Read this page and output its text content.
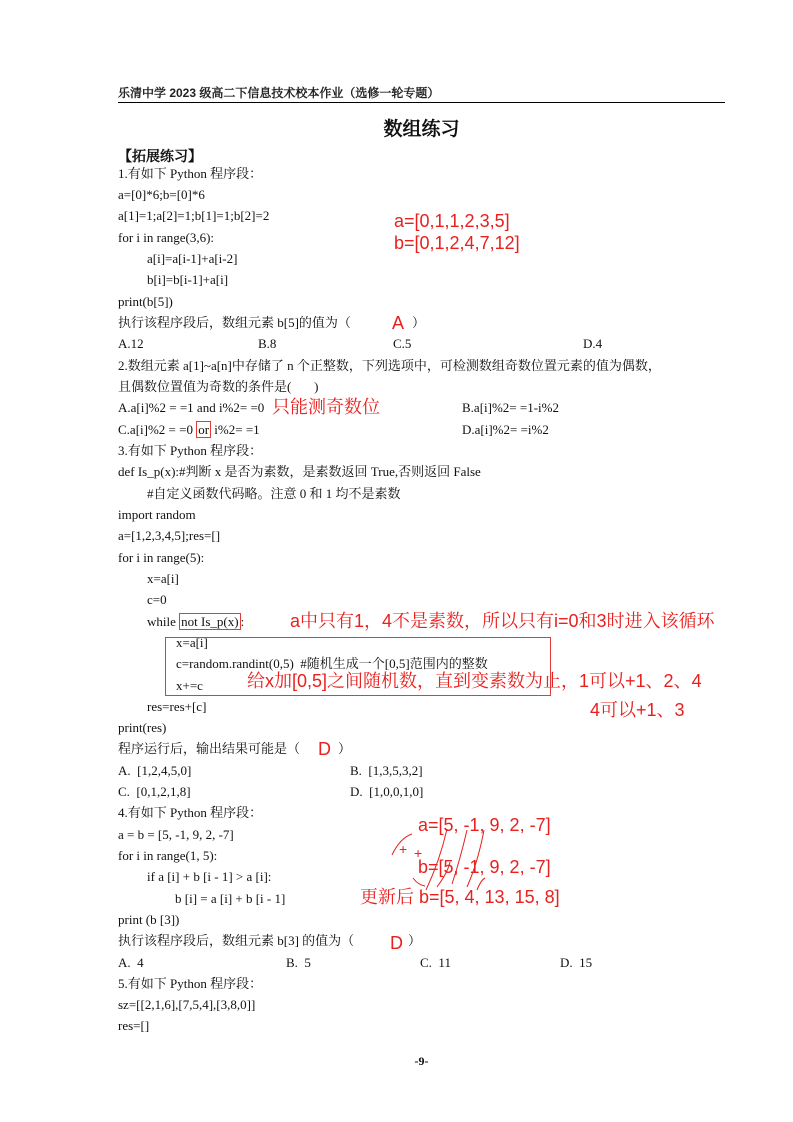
乐清中学 2023 级高二下信息技术校本作业（选修一轮专题）
数组练习
【拓展练习】
1.有如下 Python 程序段：
a=[0]*6;b=[0]*6
a[1]=1;a[2]=1;b[1]=1;b[2]=2
for i in range(3,6):
a[i]=a[i-1]+a[i-2]
b[i]=b[i-1]+a[i]
print(b[5])
执行该程序段后，数组元素 b[5]的值为（ A ）
A.12	B.8	C.5	D.4
a=[0,1,1,2,3,5]
b=[0,1,2,4,7,12]
2.数组元素 a[1]~a[n]中存储了 n 个正整数，下列选项中，可检测数组奇数位置元素的值为偶数，
且偶数位置值为奇数的条件是(       )
A.a[i]%2 = =1 and i%2= =0 只能测奇数位	B.a[i]%2= =1-i%2
C.a[i]%2 = =0 or i%2= =1	D.a[i]%2= =i%2
3.有如下 Python 程序段：
def Is_p(x):#判断 x 是否为素数，是素数返回 True,否则返回 False
#自定义函数代码略。注意 0 和 1 均不是素数
import random
a=[1,2,3,4,5];res=[]
for i in range(5):
x=a[i]
c=0
while not Is_p(x) :	a中只有1，4不是素数，所以只有i=0和3时进入该循环
x=a[i]
c=random.randint(0,5)  #随机生成一个[0,5]范围内的整数
x+=c 给x加[0,5]之间随机数，直到变素数为止，1可以+1、2、4
4可以+1、3
res=res+[c]
print(res)
程序运行后，输出结果可能是（ D ）
A.  [1,2,4,5,0]	B.  [1,3,5,3,2]
C.  [0,1,2,1,8]	D.  [1,0,0,1,0]
4.有如下 Python 程序段：
a = b = [5, -1, 9, 2, -7]
for i in range(1, 5):
if a [i] + b [i - 1] > a [i]:
b [i] = a [i] + b [i - 1]
print (b [3])
执行该程序段后，数组元素 b[3] 的值为（ D ）
A.  4	B.  5	C.  11	D.  15
a=[5, -1, 9, 2, -7]
b=[5, -1, 9, 2, -7]
更新后 b=[5, 4, 13, 15, 8]
+ +
5.有如下 Python 程序段：
sz=[[2,1,6],[7,5,4],[3,8,0]]
res=[]
-9-
